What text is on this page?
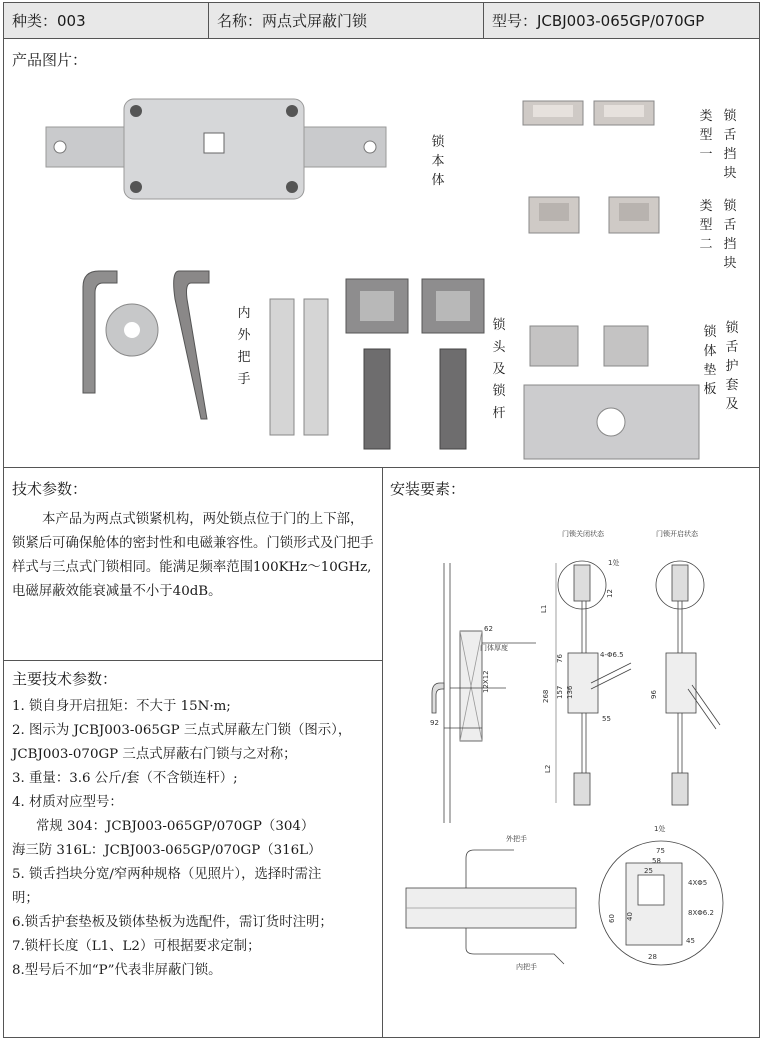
种类：003	名称：两点式屏蔽门锁	型号：JCBJ003-065GP/070GP
产品图片：
锁本体
类型一
锁舌挡块
类型二
锁舌挡块
内外把手
锁头及锁杆
锁体垫板
锁舌护套及
技术参数：
本产品为两点式锁紧机构，两处锁点位于门的上下部，锁紧后可确保舱体的密封性和电磁兼容性。门锁形式及门把手样式与三点式门锁相同。能满足频率范围100KHz～10GHz,电磁屏蔽效能衰减量不小于40dB。
主要技术参数：

1. 锁自身开启扭矩：不大于 15N·m;

2. 图示为 JCBJ003-065GP 三点式屏蔽左门锁（图示），

JCBJ003-070GP 三点式屏蔽右门锁与之对称；

3. 重量：3.6 公斤/套（不含锁连杆）;

4. 材质对应型号：

常规 304：JCBJ003-065GP/070GP（304）

海三防 316L：JCBJ003-065GP/070GP（316L）

5. 锁舌挡块分宽/窄两种规格（见照片），选择时需注

明；

6.锁舌护套垫板及锁体垫板为选配件，需订货时注明；

7.锁杆长度（L1、L2）可根据要求定制；

8.型号后不加“P”代表非屏蔽门锁。

安装要素：
62
门体厚度
12X12
92
门锁关闭状态
L1
268 157 136
76
55
4-Φ6.5
L2
12
1处
门锁开启状态
96
外把手
内把手
1处
75
58
25
60 40
45
28
4XΦ5
8XΦ6.2
